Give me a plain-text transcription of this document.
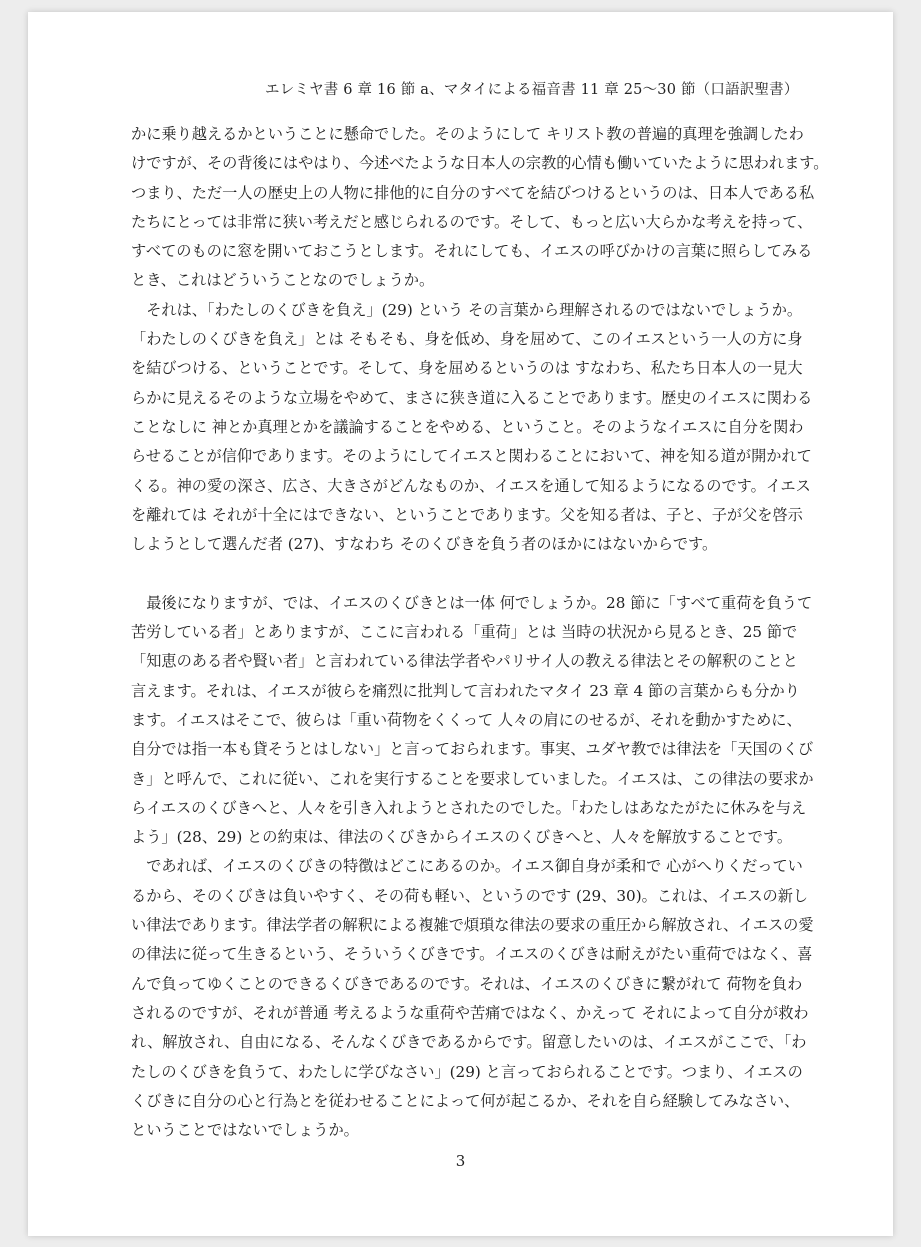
エレミヤ書 6 章 16 節 a、マタイによる福音書 11 章 25〜30 節（口語訳聖書）
かに乗り越えるかということに懸命でした。そのようにして キリスト教の普遍的真理を強調したわ
けですが、その背後にはやはり、今述べたような日本人の宗教的心情も働いていたように思われます。
つまり、ただ一人の歴史上の人物に排他的に自分のすべてを結びつけるというのは、日本人である私
たちにとっては非常に狭い考えだと感じられるのです。そして、もっと広い大らかな考えを持って、
すべてのものに窓を開いておこうとします。それにしても、イエスの呼びかけの言葉に照らしてみる
とき、これはどういうことなのでしょうか。
　それは、「わたしのくびきを負え」(29) という その言葉から理解されるのではないでしょうか。
「わたしのくびきを負え」とは そもそも、身を低め、身を屈めて、このイエスという一人の方に身
を結びつける、ということです。そして、身を屈めるというのは すなわち、私たち日本人の一見大
らかに見えるそのような立場をやめて、まさに狭き道に入ることであります。歴史のイエスに関わる
ことなしに 神とか真理とかを議論することをやめる、ということ。そのようなイエスに自分を関わ
らせることが信仰であります。そのようにしてイエスと関わることにおいて、神を知る道が開かれて
くる。神の愛の深さ、広さ、大きさがどんなものか、イエスを通して知るようになるのです。イエス
を離れては それが十全にはできない、ということであります。父を知る者は、子と、子が父を啓示
しようとして選んだ者 (27)、すなわち そのくびきを負う者のほかにはないからです。
　最後になりますが、では、イエスのくびきとは一体 何でしょうか。28 節に「すべて重荷を負うて
苦労している者」とありますが、ここに言われる「重荷」とは 当時の状況から見るとき、25 節で
「知恵のある者や賢い者」と言われている律法学者やパリサイ人の教える律法とその解釈のことと
言えます。それは、イエスが彼らを痛烈に批判して言われたマタイ 23 章 4 節の言葉からも分かり
ます。イエスはそこで、彼らは「重い荷物をくくって 人々の肩にのせるが、それを動かすために、
自分では指一本も貸そうとはしない」と言っておられます。事実、ユダヤ教では律法を「天国のくび
き」と呼んで、これに従い、これを実行することを要求していました。イエスは、この律法の要求か
らイエスのくびきへと、人々を引き入れようとされたのでした。「わたしはあなたがたに休みを与え
よう」(28、29) との約束は、律法のくびきからイエスのくびきへと、人々を解放することです。
　であれば、イエスのくびきの特徴はどこにあるのか。イエス御自身が柔和で 心がへりくだってい
るから、そのくびきは負いやすく、その荷も軽い、というのです (29、30)。これは、イエスの新し
い律法であります。律法学者の解釈による複雑で煩瑣な律法の要求の重圧から解放され、イエスの愛
の律法に従って生きるという、そういうくびきです。イエスのくびきは耐えがたい重荷ではなく、喜
んで負ってゆくことのできるくびきであるのです。それは、イエスのくびきに繋がれて 荷物を負わ
されるのですが、それが普通 考えるような重荷や苦痛ではなく、かえって それによって自分が救わ
れ、解放され、自由になる、そんなくびきであるからです。留意したいのは、イエスがここで、「わ
たしのくびきを負うて、わたしに学びなさい」(29) と言っておられることです。つまり、イエスの
くびきに自分の心と行為とを従わせることによって何が起こるか、それを自ら経験してみなさい、
ということではないでしょうか。
3
